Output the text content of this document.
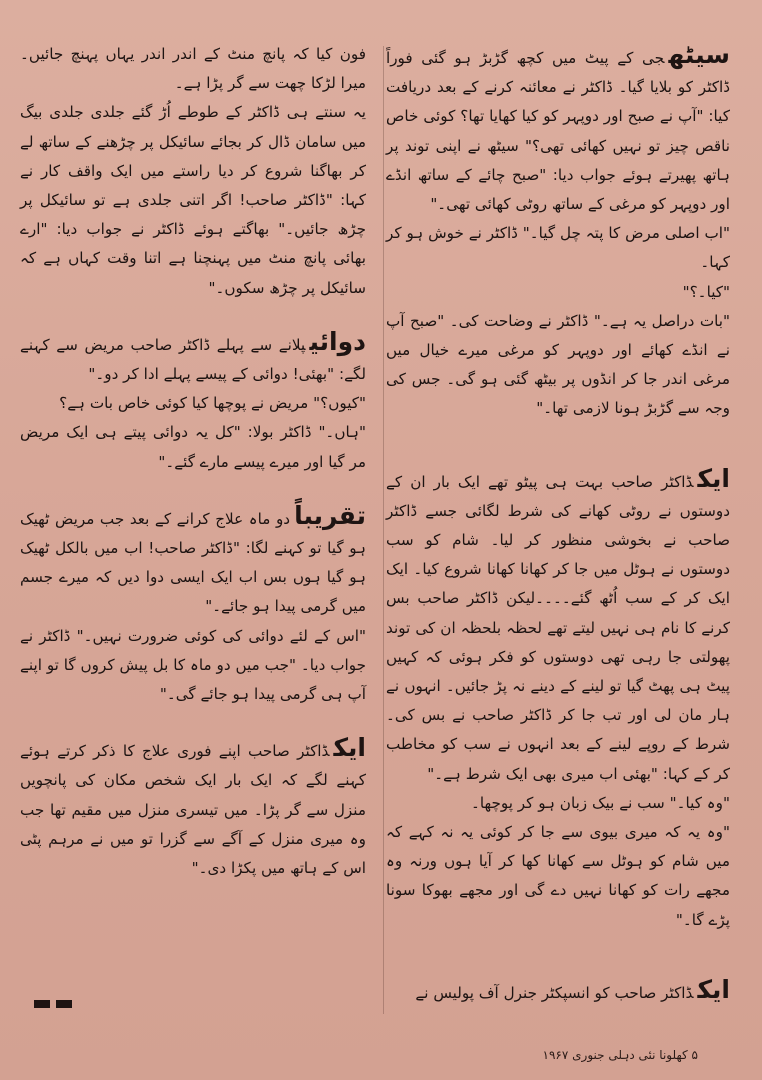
سیٹھجی کے پیٹ میں کچھ گڑبڑ ہو گئی فوراً ڈاکٹر کو بلایا گیا۔ ڈاکٹر نے معائنہ کرنے کے بعد دریافت کیا: "آپ نے صبح اور دوپہر کو کیا کھایا تھا؟ کوئی خاص ناقص چیز تو نہیں کھائی تھی؟" سیٹھ نے اپنی توند پر ہاتھ پھیرتے ہوئے جواب دیا: "صبح چائے کے ساتھ انڈے اور دوپہر کو مرغی کے ساتھ روٹی کھائی تھی۔"
"اب اصلی مرض کا پتہ چل گیا۔" ڈاکٹر نے خوش ہو کر کہا۔
"کیا۔؟"
"بات دراصل یہ ہے۔" ڈاکٹر نے وضاحت کی۔ "صبح آپ نے انڈے کھائے اور دوپہر کو مرغی میرے خیال میں مرغی اندر جا کر انڈوں پر بیٹھ گئی ہو گی۔ جس کی وجہ سے گڑبڑ ہونا لازمی تھا۔"
ایکڈاکٹر صاحب بہت ہی پیٹو تھے ایک بار ان کے دوستوں نے روٹی کھانے کی شرط لگائی جسے ڈاکٹر صاحب نے بخوشی منظور کر لیا۔ شام کو سب دوستوں نے ہوٹل میں جا کر کھانا کھانا شروع کیا۔ ایک ایک کر کے سب اُٹھ گئے۔۔۔۔لیکن ڈاکٹر صاحب بس کرنے کا نام ہی نہیں لیتے تھے لحظہ بلحظہ ان کی توند پھولتی جا رہی تھی دوستوں کو فکر ہوئی کہ کہیں پیٹ ہی پھٹ گیا تو لینے کے دینے نہ پڑ جائیں۔ انہوں نے ہار مان لی اور تب جا کر ڈاکٹر صاحب نے بس کی۔ شرط کے روپے لینے کے بعد انہوں نے سب کو مخاطب کر کے کہا: "بھئی اب میری بھی ایک شرط ہے۔"
"وہ کیا۔" سب نے بیک زبان ہو کر پوچھا۔
"وہ یہ کہ میری بیوی سے جا کر کوئی یہ نہ کہے کہ میں شام کو ہوٹل سے کھانا کھا کر آیا ہوں ورنہ وہ مجھے رات کو کھانا نہیں دے گی اور مجھے بھوکا سونا پڑے گا۔"
ایکڈاکٹر صاحب کو انسپکٹر جنرل آف پولیس نے
فون کیا کہ پانچ منٹ کے اندر اندر یہاں پہنچ جائیں۔ میرا لڑکا چھت سے گر پڑا ہے۔
یہ سنتے ہی ڈاکٹر کے طوطے اُڑ گئے جلدی جلدی بیگ میں سامان ڈال کر بجائے سائیکل پر چڑھنے کے ساتھ لے کر بھاگنا شروع کر دیا راستے میں ایک واقف کار نے کہا: "ڈاکٹر صاحب! اگر اتنی جلدی ہے تو سائیکل پر چڑھ جائیں۔" بھاگتے ہوئے ڈاکٹر نے جواب دیا: "ارے بھائی پانچ منٹ میں پہنچنا ہے اتنا وقت کہاں ہے کہ سائیکل پر چڑھ سکوں۔"
دوائیپلانے سے پہلے ڈاکٹر صاحب مریض سے کہنے لگے: "بھئی! دوائی کے پیسے پہلے ادا کر دو۔"
"کیوں؟" مریض نے پوچھا کیا کوئی خاص بات ہے؟
"ہاں۔" ڈاکٹر بولا: "کل یہ دوائی پیتے ہی ایک مریض مر گیا اور میرے پیسے مارے گئے۔"
تقریباًدو ماہ علاج کرانے کے بعد جب مریض ٹھیک ہو گیا تو کہنے لگا: "ڈاکٹر صاحب! اب میں بالکل ٹھیک ہو گیا ہوں بس اب ایک ایسی دوا دیں کہ میرے جسم میں گرمی پیدا ہو جائے۔"
"اس کے لئے دوائی کی کوئی ضرورت نہیں۔" ڈاکٹر نے جواب دیا۔ "جب میں دو ماہ کا بل پیش کروں گا تو اپنے آپ ہی گرمی پیدا ہو جائے گی۔"
ایکڈاکٹر صاحب اپنے فوری علاج کا ذکر کرتے ہوئے کہنے لگے کہ ایک بار ایک شخص مکان کی پانچویں منزل سے گر پڑا۔ میں تیسری منزل میں مقیم تھا جب وہ میری منزل کے آگے سے گزرا تو میں نے مرہم پٹی اس کے ہاتھ میں پکڑا دی۔"
۵ کھلونا نئی دہلی جنوری ۱۹۶۷
